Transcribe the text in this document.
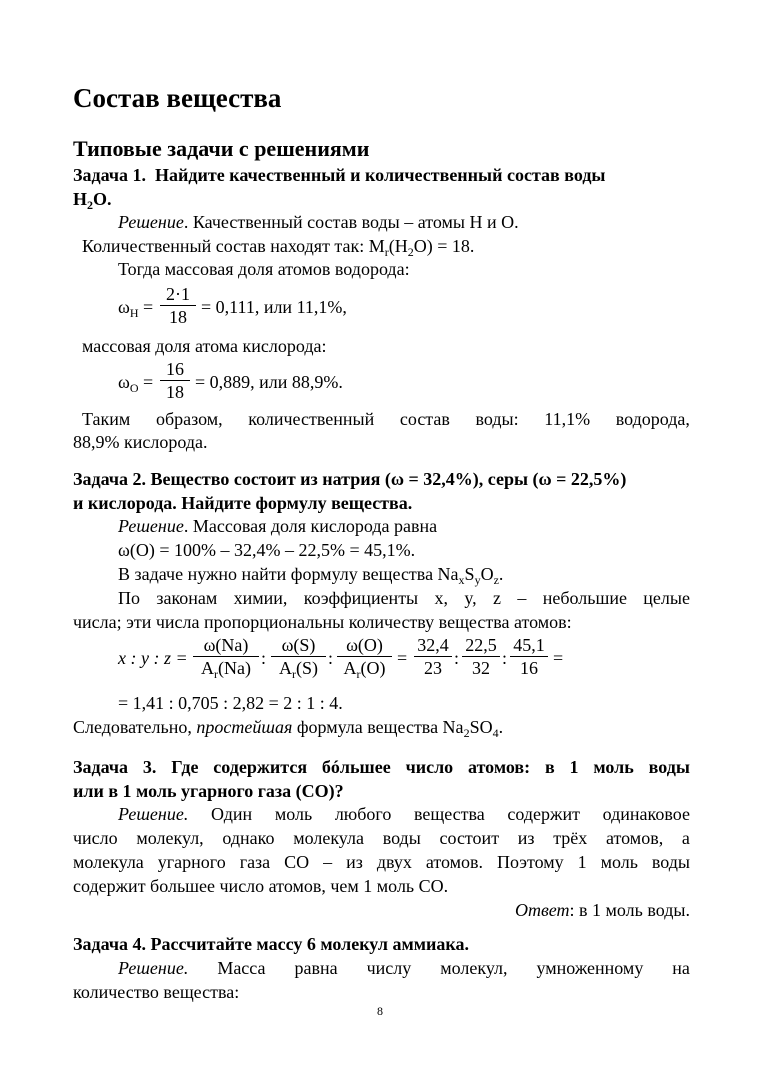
Состав вещества
Типовые задачи с решениями
Задача 1. Найдите качественный и количественный состав воды
$H_2O$.
Решение. Качественный состав воды – атомы H и O.
Количественный состав находят так: $M_r(H_2O) = 18$.
Тогда массовая доля атомов водорода:
$\omega_H$ =
2·1
18 = 0,111, или 11,1%,
массовая доля атома кислорода:
$\omega_O$ =
16
18 = 0,889, или 88,9%.
Таким образом, количественный состав воды: 11,1% водорода,
88,9% кислорода.
Задача 2. Вещество состоит из натрия (ω = 32,4%), серы (ω = 22,5%)
и кислорода. Найдите формулу вещества.
Решение. Массовая доля кислорода равна
ω(O) = 100% – 32,4% – 22,5% = 45,1%.
В задаче нужно найти формулу вещества $Na_xS_yO_z$.
По законам химии, коэффициенты x, y, z – небольшие целые
числа; эти числа пропорциональны количеству вещества атомов:
x : y : z =
ω(Na)
$A_r(Na)$ :
ω(S)
$A_r(S)$ :
ω(O)
$A_r(O)$ =
32,4
23 :
22,5
32 :
45,1
16 =
= 1,41 : 0,705 : 2,82 = 2 : 1 : 4.
Следовательно, простейшая формула вещества $Na_2SO_4$.
Задача 3. Где содержится бóльшее число атомов: в 1 моль воды
или в 1 моль угарного газа (CO)?
Решение. Один моль любого вещества содержит одинаковое
число молекул, однако молекула воды состоит из трёх атомов, а
молекула угарного газа CO – из двух атомов. Поэтому 1 моль воды
содержит большее число атомов, чем 1 моль CO.
Ответ: в 1 моль воды.
Задача 4. Рассчитайте массу 6 молекул аммиака.
Решение. Масса равна числу молекул, умноженному на
количество вещества:
8
